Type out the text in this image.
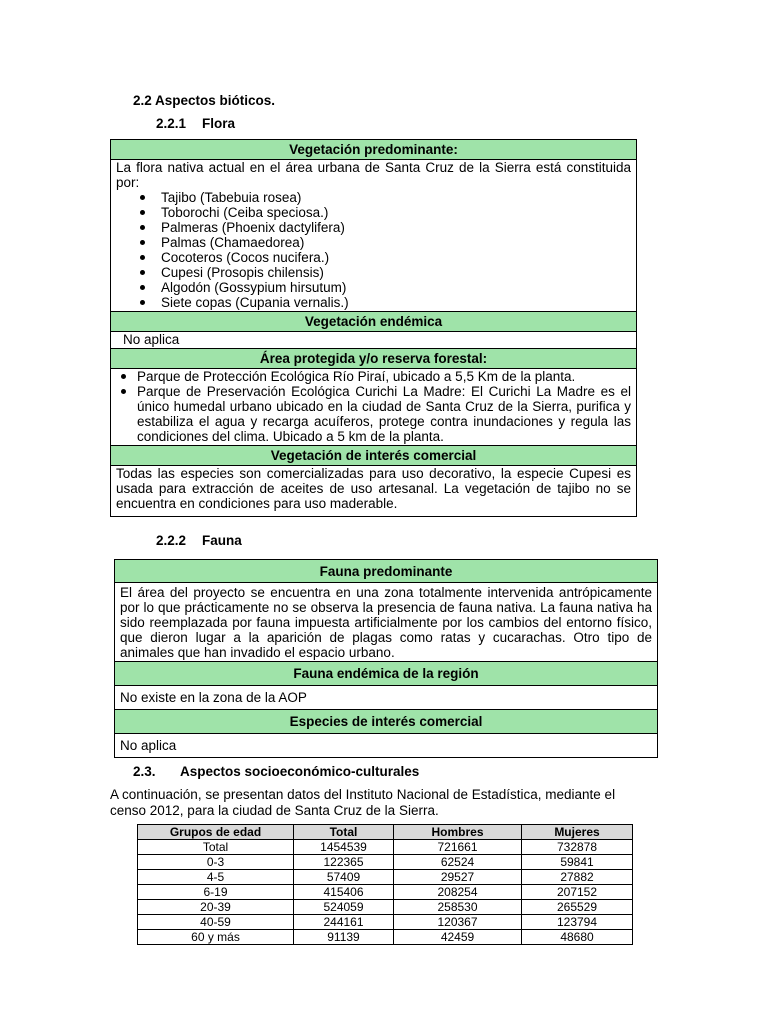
2.2 Aspectos bióticos.
2.2.1 Flora
Vegetación predominante:

La flora nativa actual en el área urbana de Santa Cruz de la Sierra está constituida por:
Tajibo (Tabebuia rosea)
Toborochi (Ceiba speciosa.)
Palmeras (Phoenix dactylifera)
Palmas (Chamaedorea)
Cocoteros (Cocos nucifera.)
Cupesi (Prosopis chilensis)
Algodón (Gossypium hirsutum)
Siete copas (Cupania vernalis.)

Vegetación endémica
No aplica
Área protegida y/o reserva forestal:

Parque de Protección Ecológica Río Piraí, ubicado a 5,5 Km de la planta.
Parque de Preservación Ecológica Curichi La Madre: El Curichi La Madre es el único humedal urbano ubicado en la ciudad de Santa Cruz de la Sierra, purifica y estabiliza el agua y recarga acuíferos, protege contra inundaciones y regula las condiciones del clima. Ubicado a 5 km de la planta.

Vegetación de interés comercial
Todas las especies son comercializadas para uso decorativo, la especie Cupesi es usada para extracción de aceites de uso artesanal. La vegetación de tajibo no se encuentra en condiciones para uso maderable.
2.2.2 Fauna
Fauna predominante
El área del proyecto se encuentra en una zona totalmente intervenida antrópicamente por lo que prácticamente no se observa la presencia de fauna nativa. La fauna nativa ha sido reemplazada por fauna impuesta artificialmente por los cambios del entorno físico, que dieron lugar a la aparición de plagas como ratas y cucarachas. Otro tipo de animales que han invadido el espacio urbano.
Fauna endémica de la región
No existe en la zona de la AOP
Especies de interés comercial
No aplica
2.3. Aspectos socioeconómico-culturales
A continuación, se presentan datos del Instituto Nacional de Estadística, mediante el censo 2012, para la ciudad de Santa Cruz de la Sierra.
Grupos de edad	Total	Hombres	Mujeres
Total	1454539	721661	732878
0-3	122365	62524	59841
4-5	57409	29527	27882
6-19	415406	208254	207152
20-39	524059	258530	265529
40-59	244161	120367	123794
60 y más	91139	42459	48680
